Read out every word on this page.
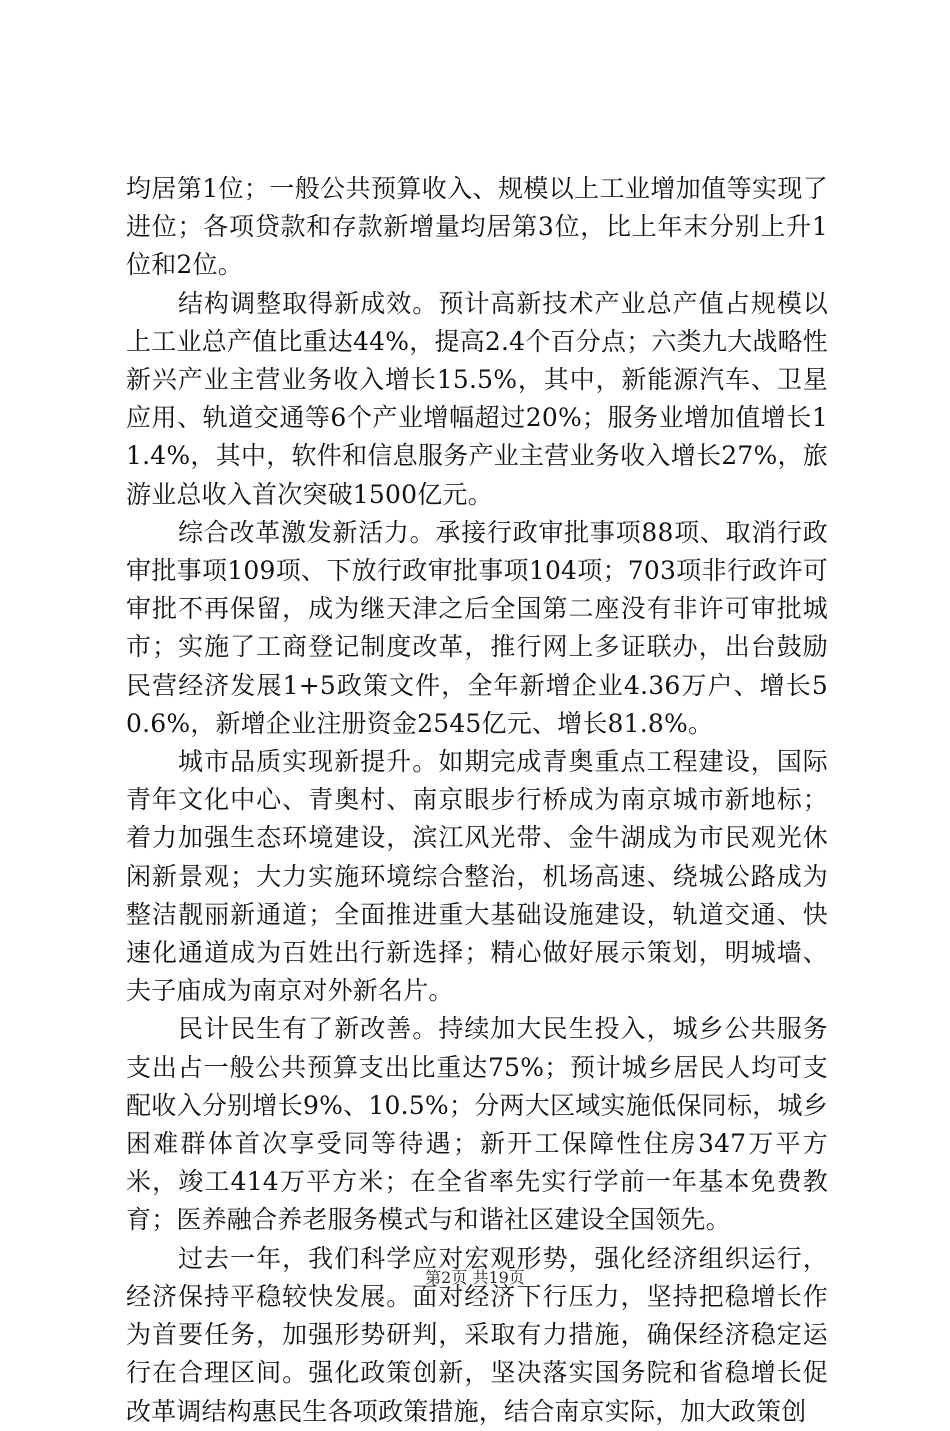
均居第1位；一般公共预算收入、规模以上工业增加值等实现了进位；各项贷款和存款新增量均居第3位，比上年末分别上升1位和2位。

结构调整取得新成效。预计高新技术产业总产值占规模以上工业总产值比重达44%，提高2.4个百分点；六类九大战略性新兴产业主营业务收入增长15.5%，其中，新能源汽车、卫星应用、轨道交通等6个产业增幅超过20%；服务业增加值增长11.4%，其中，软件和信息服务产业主营业务收入增长27%，旅游业总收入首次突破1500亿元。

综合改革激发新活力。承接行政审批事项88项、取消行政审批事项109项、下放行政审批事项104项；703项非行政许可审批不再保留，成为继天津之后全国第二座没有非许可审批城市；实施了工商登记制度改革，推行网上多证联办，出台鼓励民营经济发展1+5政策文件，全年新增企业4.36万户、增长50.6%，新增企业注册资金2545亿元、增长81.8%。

城市品质实现新提升。如期完成青奥重点工程建设，国际青年文化中心、青奥村、南京眼步行桥成为南京城市新地标；着力加强生态环境建设，滨江风光带、金牛湖成为市民观光休闲新景观；大力实施环境综合整治，机场高速、绕城公路成为整洁靓丽新通道；全面推进重大基础设施建设，轨道交通、快速化通道成为百姓出行新选择；精心做好展示策划，明城墙、夫子庙成为南京对外新名片。

民计民生有了新改善。持续加大民生投入，城乡公共服务支出占一般公共预算支出比重达75%；预计城乡居民人均可支配收入分别增长9%、10.5%；分两大区域实施低保同标，城乡困难群体首次享受同等待遇；新开工保障性住房347万平方米，竣工414万平方米；在全省率先实行学前一年基本免费教育；医养融合养老服务模式与和谐社区建设全国领先。

过去一年，我们科学应对宏观形势，强化经济组织运行，经济保持平稳较快发展。面对经济下行压力，坚持把稳增长作为首要任务，加强形势研判，采取有力措施，确保经济稳定运行在合理区间。强化政策创新，坚决落实国务院和省稳增长促改革调结构惠民生各项政策措施，结合南京实际，加大政策创

第2页 共19页
